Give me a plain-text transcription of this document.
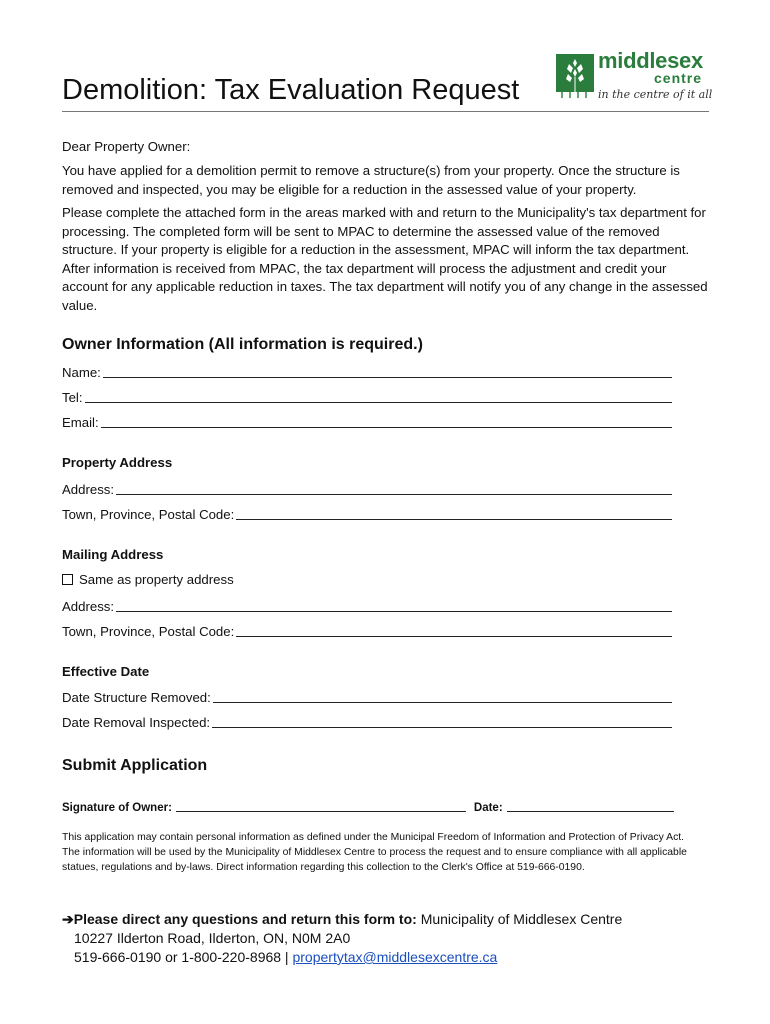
Demolition: Tax Evaluation Request
middlesex
centre
in the centre of it all

Dear Property Owner:

You have applied for a demolition permit to remove a structure(s) from your property. Once the structure is removed and inspected, you may be eligible for a reduction in the assessed value of your property.

Please complete the attached form in the areas marked with and return to the Municipality's tax department for processing. The completed form will be sent to MPAC to determine the assessed value of the removed structure. If your property is eligible for a reduction in the assessment, MPAC will inform the tax department. After information is received from MPAC, the tax department will process the adjustment and credit your account for any applicable reduction in taxes. The tax department will notify you of any change in the assessed value.

Owner Information (All information is required.)
Name:
Tel:
Email:
Property Address
Address:
Town, Province, Postal Code:
Mailing Address
Same as property address
Address:
Town, Province, Postal Code:
Effective Date
Date Structure Removed:
Date Removal Inspected:
Submit Application
Signature of Owner:	Date:

This application may contain personal information as defined under the Municipal Freedom of Information and Protection of Privacy Act. The information will be used by the Municipality of Middlesex Centre to process the request and to ensure compliance with all applicable statues, regulations and by-laws. Direct information regarding this collection to the Clerk's Office at 519-666-0190.

➔Please direct any questions and return this form to: Municipality of Middlesex Centre
10227 Ilderton Road, Ilderton, ON, N0M 2A0
519-666-0190 or 1-800-220-8968 | propertytax@middlesexcentre.ca
